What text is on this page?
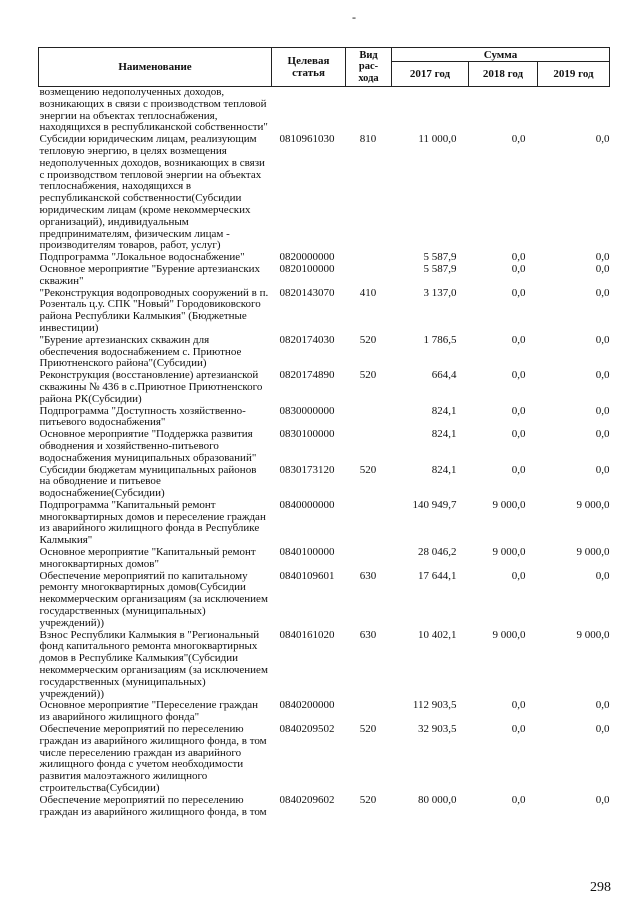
-
Наименование	Целевая статья	Вид
рас-
хода	Сумма		
			2017 год	2018 год	2019 год
возмещению недополученных доходов, возникающих в связи с производством тепловой энергии на объектах теплоснабжения, находящихся в республиканской собственности"					
Субсидии юридическим лицам, реализующим тепловую энергию, в целях возмещения недополученных доходов, возникающих в связи с производством тепловой энергии на объектах теплоснабжения, находящихся в республиканской собственности(Субсидии юридическим лицам (кроме некоммерческих организаций), индивидуальным предпринимателям, физическим лицам - производителям товаров, работ, услуг)	0810961030	810	11 000,0	0,0	0,0
Подпрограмма "Локальное водоснабжение"	0820000000		5 587,9	0,0	0,0
Основное мероприятие "Бурение артезианских скважин"	0820100000		5 587,9	0,0	0,0
"Реконструкция водопроводных сооружений в п. Розенталь ц.у. СПК "Новый" Городовиковского района Республики Калмыкия" (Бюджетные инвестиции)	0820143070	410	3 137,0	0,0	0,0
"Бурение артезианских скважин для обеспечения водоснабжением с. Приютное Приютненского района"(Субсидии)	0820174030	520	1 786,5	0,0	0,0
Реконструкция (восстановление) артезианской скважины № 436 в с.Приютное Приютненского района РК(Субсидии)	0820174890	520	664,4	0,0	0,0
Подпрограмма "Доступность хозяйственно-питьевого водоснабжения"	0830000000		824,1	0,0	0,0
Основное мероприятие "Поддержка развития обводнения и хозяйственно-питьевого водоснабжения муниципальных образований"	0830100000		824,1	0,0	0,0
Субсидии бюджетам муниципальных районов на обводнение и питьевое водоснабжение(Субсидии)	0830173120	520	824,1	0,0	0,0
Подпрограмма "Капитальный ремонт многоквартирных домов и переселение граждан из аварийного жилищного фонда в Республике Калмыкия"	0840000000		140 949,7	9 000,0	9 000,0
Основное мероприятие "Капитальный ремонт многоквартирных домов"	0840100000		28 046,2	9 000,0	9 000,0
Обеспечение мероприятий по капитальному ремонту многоквартирных домов(Субсидии некоммерческим организациям (за исключением государственных (муниципальных) учреждений))	0840109601	630	17 644,1	0,0	0,0
Взнос Республики Калмыкия в "Региональный фонд капитального ремонта многоквартирных домов в Республике Калмыкия"(Субсидии некоммерческим организациям (за исключением государственных (муниципальных) учреждений))	0840161020	630	10 402,1	9 000,0	9 000,0
Основное мероприятие "Переселение граждан из аварийного жилищного фонда"	0840200000		112 903,5	0,0	0,0
Обеспечение мероприятий по переселению граждан из аварийного жилищного фонда, в том числе переселению граждан из аварийного жилищного фонда с учетом необходимости развития малоэтажного жилищного строительства(Субсидии)	0840209502	520	32 903,5	0,0	0,0
Обеспечение мероприятий по переселению граждан из аварийного жилищного фонда, в том	0840209602	520	80 000,0	0,0	0,0
298
